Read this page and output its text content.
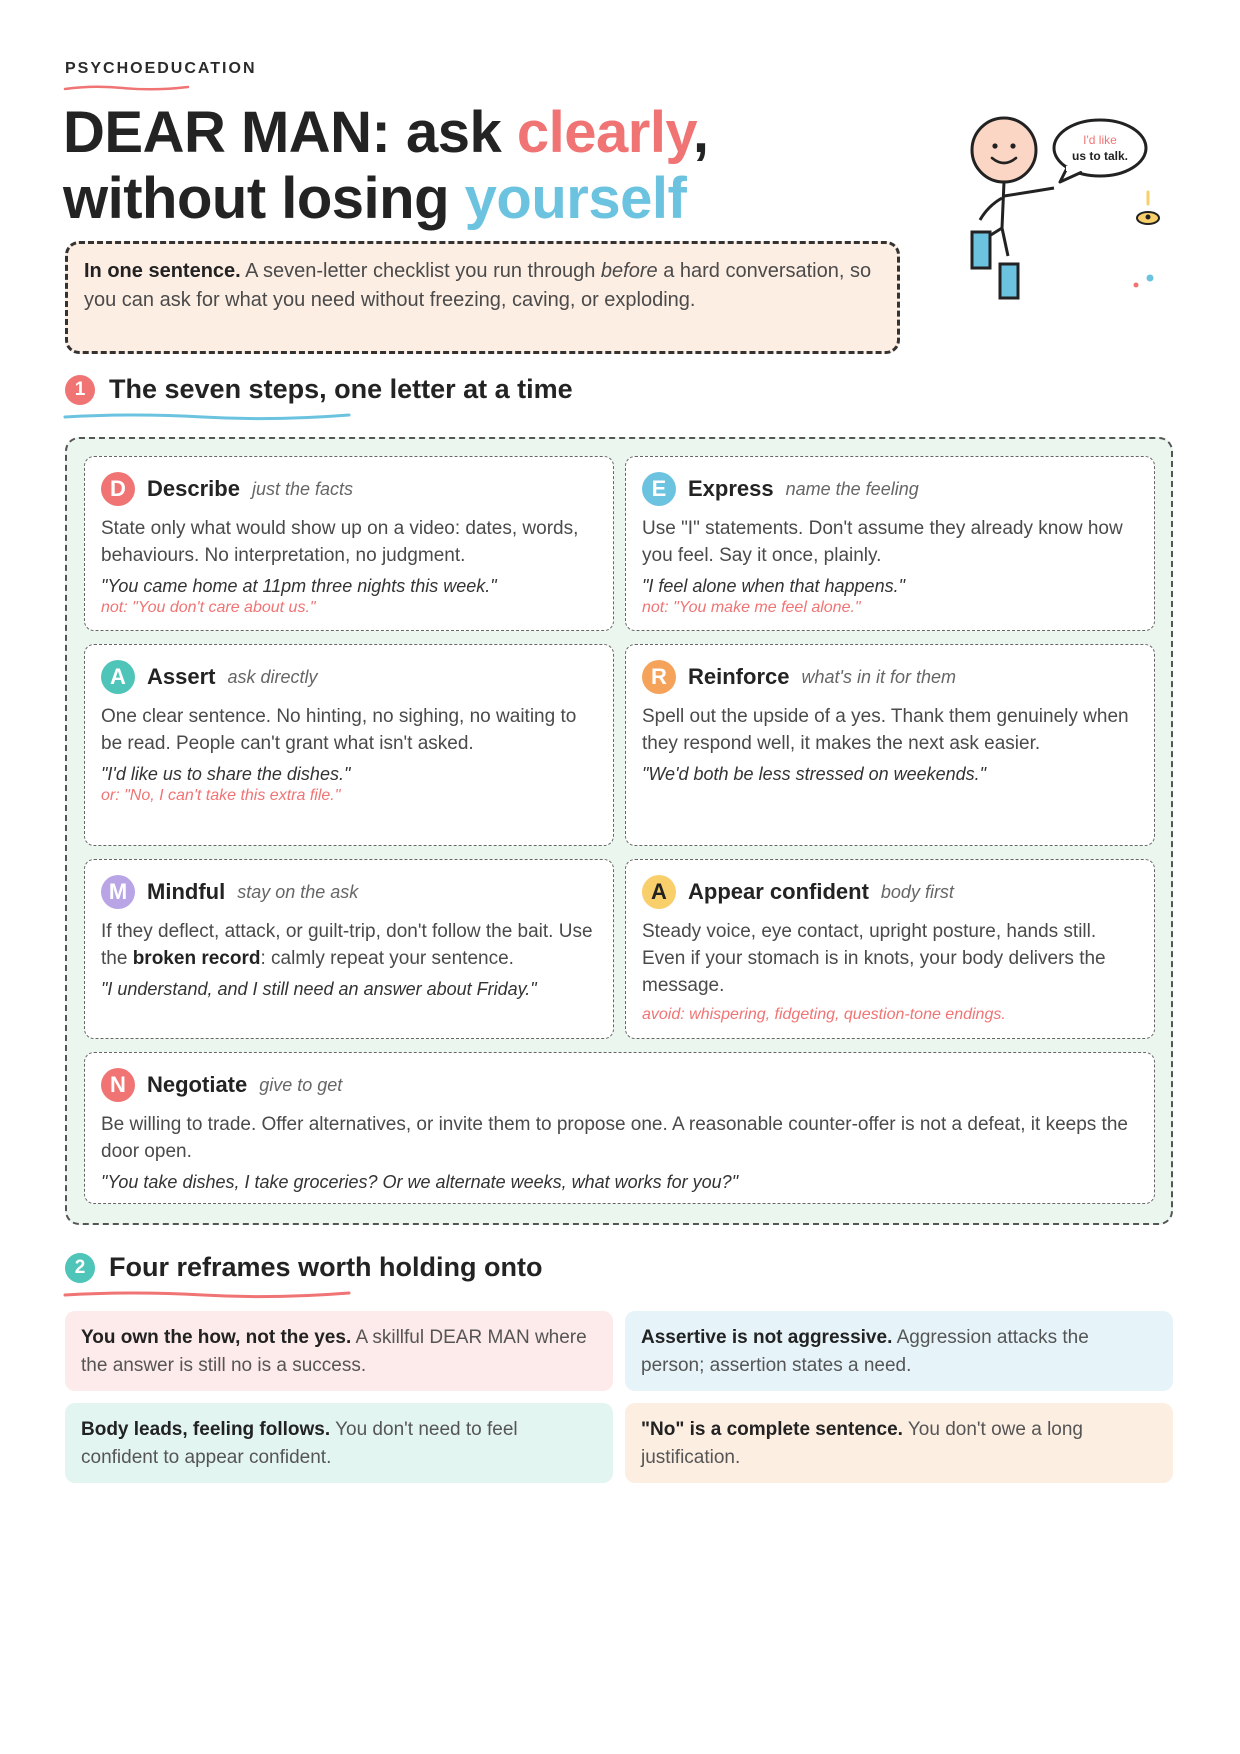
PSYCHOEDUCATION
DEAR MAN: ask clearly,
without losing yourself
In one sentence. A seven-letter checklist you run through before a hard conversation, so you can ask for what you need without freezing, caving, or exploding.
I'd like
us to talk.
1 The seven steps, one letter at a time
D Describe just the facts
State only what would show up on a video: dates, words, behaviours. No interpretation, no judgment.
"You came home at 11pm three nights this week."
not: "You don't care about us."
E Express name the feeling
Use "I" statements. Don't assume they already know how you feel. Say it once, plainly.
"I feel alone when that happens."
not: "You make me feel alone."
A Assert ask directly
One clear sentence. No hinting, no sighing, no waiting to be read. People can't grant what isn't asked.
"I'd like us to share the dishes."
or: "No, I can't take this extra file."
R Reinforce what's in it for them
Spell out the upside of a yes. Thank them genuinely when they respond well, it makes the next ask easier.
"We'd both be less stressed on weekends."
M Mindful stay on the ask
If they deflect, attack, or guilt-trip, don't follow the bait. Use the broken record: calmly repeat your sentence.
"I understand, and I still need an answer about Friday."
A Appear confident body first
Steady voice, eye contact, upright posture, hands still. Even if your stomach is in knots, your body delivers the message.
avoid: whispering, fidgeting, question-tone endings.
N Negotiate give to get
Be willing to trade. Offer alternatives, or invite them to propose one. A reasonable counter-offer is not a defeat, it keeps the door open.
"You take dishes, I take groceries? Or we alternate weeks, what works for you?"
2 Four reframes worth holding onto
You own the how, not the yes. A skillful DEAR MAN where the answer is still no is a success.
Assertive is not aggressive. Aggression attacks the person; assertion states a need.
Body leads, feeling follows. You don't need to feel confident to appear confident.
"No" is a complete sentence. You don't owe a long justification.
